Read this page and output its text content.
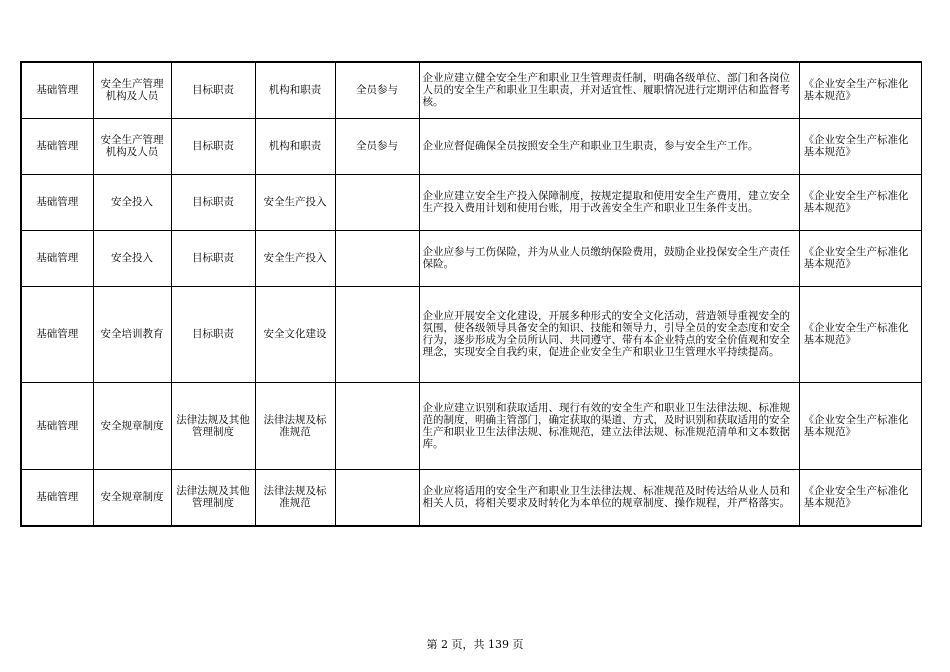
基础管理	安全生产管理机构及人员	目标职责	机构和职责	全员参与	企业应建立健全安全生产和职业卫生管理责任制，明确各级单位、部门和各岗位人员的安全生产和职业卫生职责，并对适宜性、履职情况进行定期评估和监督考核。	《企业安全生产标准化基本规范》
基础管理	安全生产管理机构及人员	目标职责	机构和职责	全员参与	企业应督促确保全员按照安全生产和职业卫生职责，参与安全生产工作。	《企业安全生产标准化基本规范》
基础管理	安全投入	目标职责	安全生产投入		企业应建立安全生产投入保障制度，按规定提取和使用安全生产费用，建立安全生产投入费用计划和使用台账，用于改善安全生产和职业卫生条件支出。	《企业安全生产标准化基本规范》
基础管理	安全投入	目标职责	安全生产投入		企业应参与工伤保险，并为从业人员缴纳保险费用，鼓励企业投保安全生产责任保险。	《企业安全生产标准化基本规范》
基础管理	安全培训教育	目标职责	安全文化建设		企业应开展安全文化建设，开展多种形式的安全文化活动，营造领导重视安全的氛围，使各级领导具备安全的知识、技能和领导力，引导全员的安全态度和安全行为，逐步形成为全员所认同、共同遵守、带有本企业特点的安全价值观和安全理念，实现安全自我约束，促进企业安全生产和职业卫生管理水平持续提高。	《企业安全生产标准化基本规范》
基础管理	安全规章制度	法律法规及其他管理制度	法律法规及标准规范		企业应建立识别和获取适用、现行有效的安全生产和职业卫生法律法规、标准规范的制度，明确主管部门，确定获取的渠道、方式，及时识别和获取适用的安全生产和职业卫生法律法规、标准规范，建立法律法规、标准规范清单和文本数据库。	《企业安全生产标准化基本规范》
基础管理	安全规章制度	法律法规及其他管理制度	法律法规及标准规范		企业应将适用的安全生产和职业卫生法律法规、标准规范及时传达给从业人员和相关人员，将相关要求及时转化为本单位的规章制度、操作规程，并严格落实。	《企业安全生产标准化基本规范》
第 2 页，共 139 页
